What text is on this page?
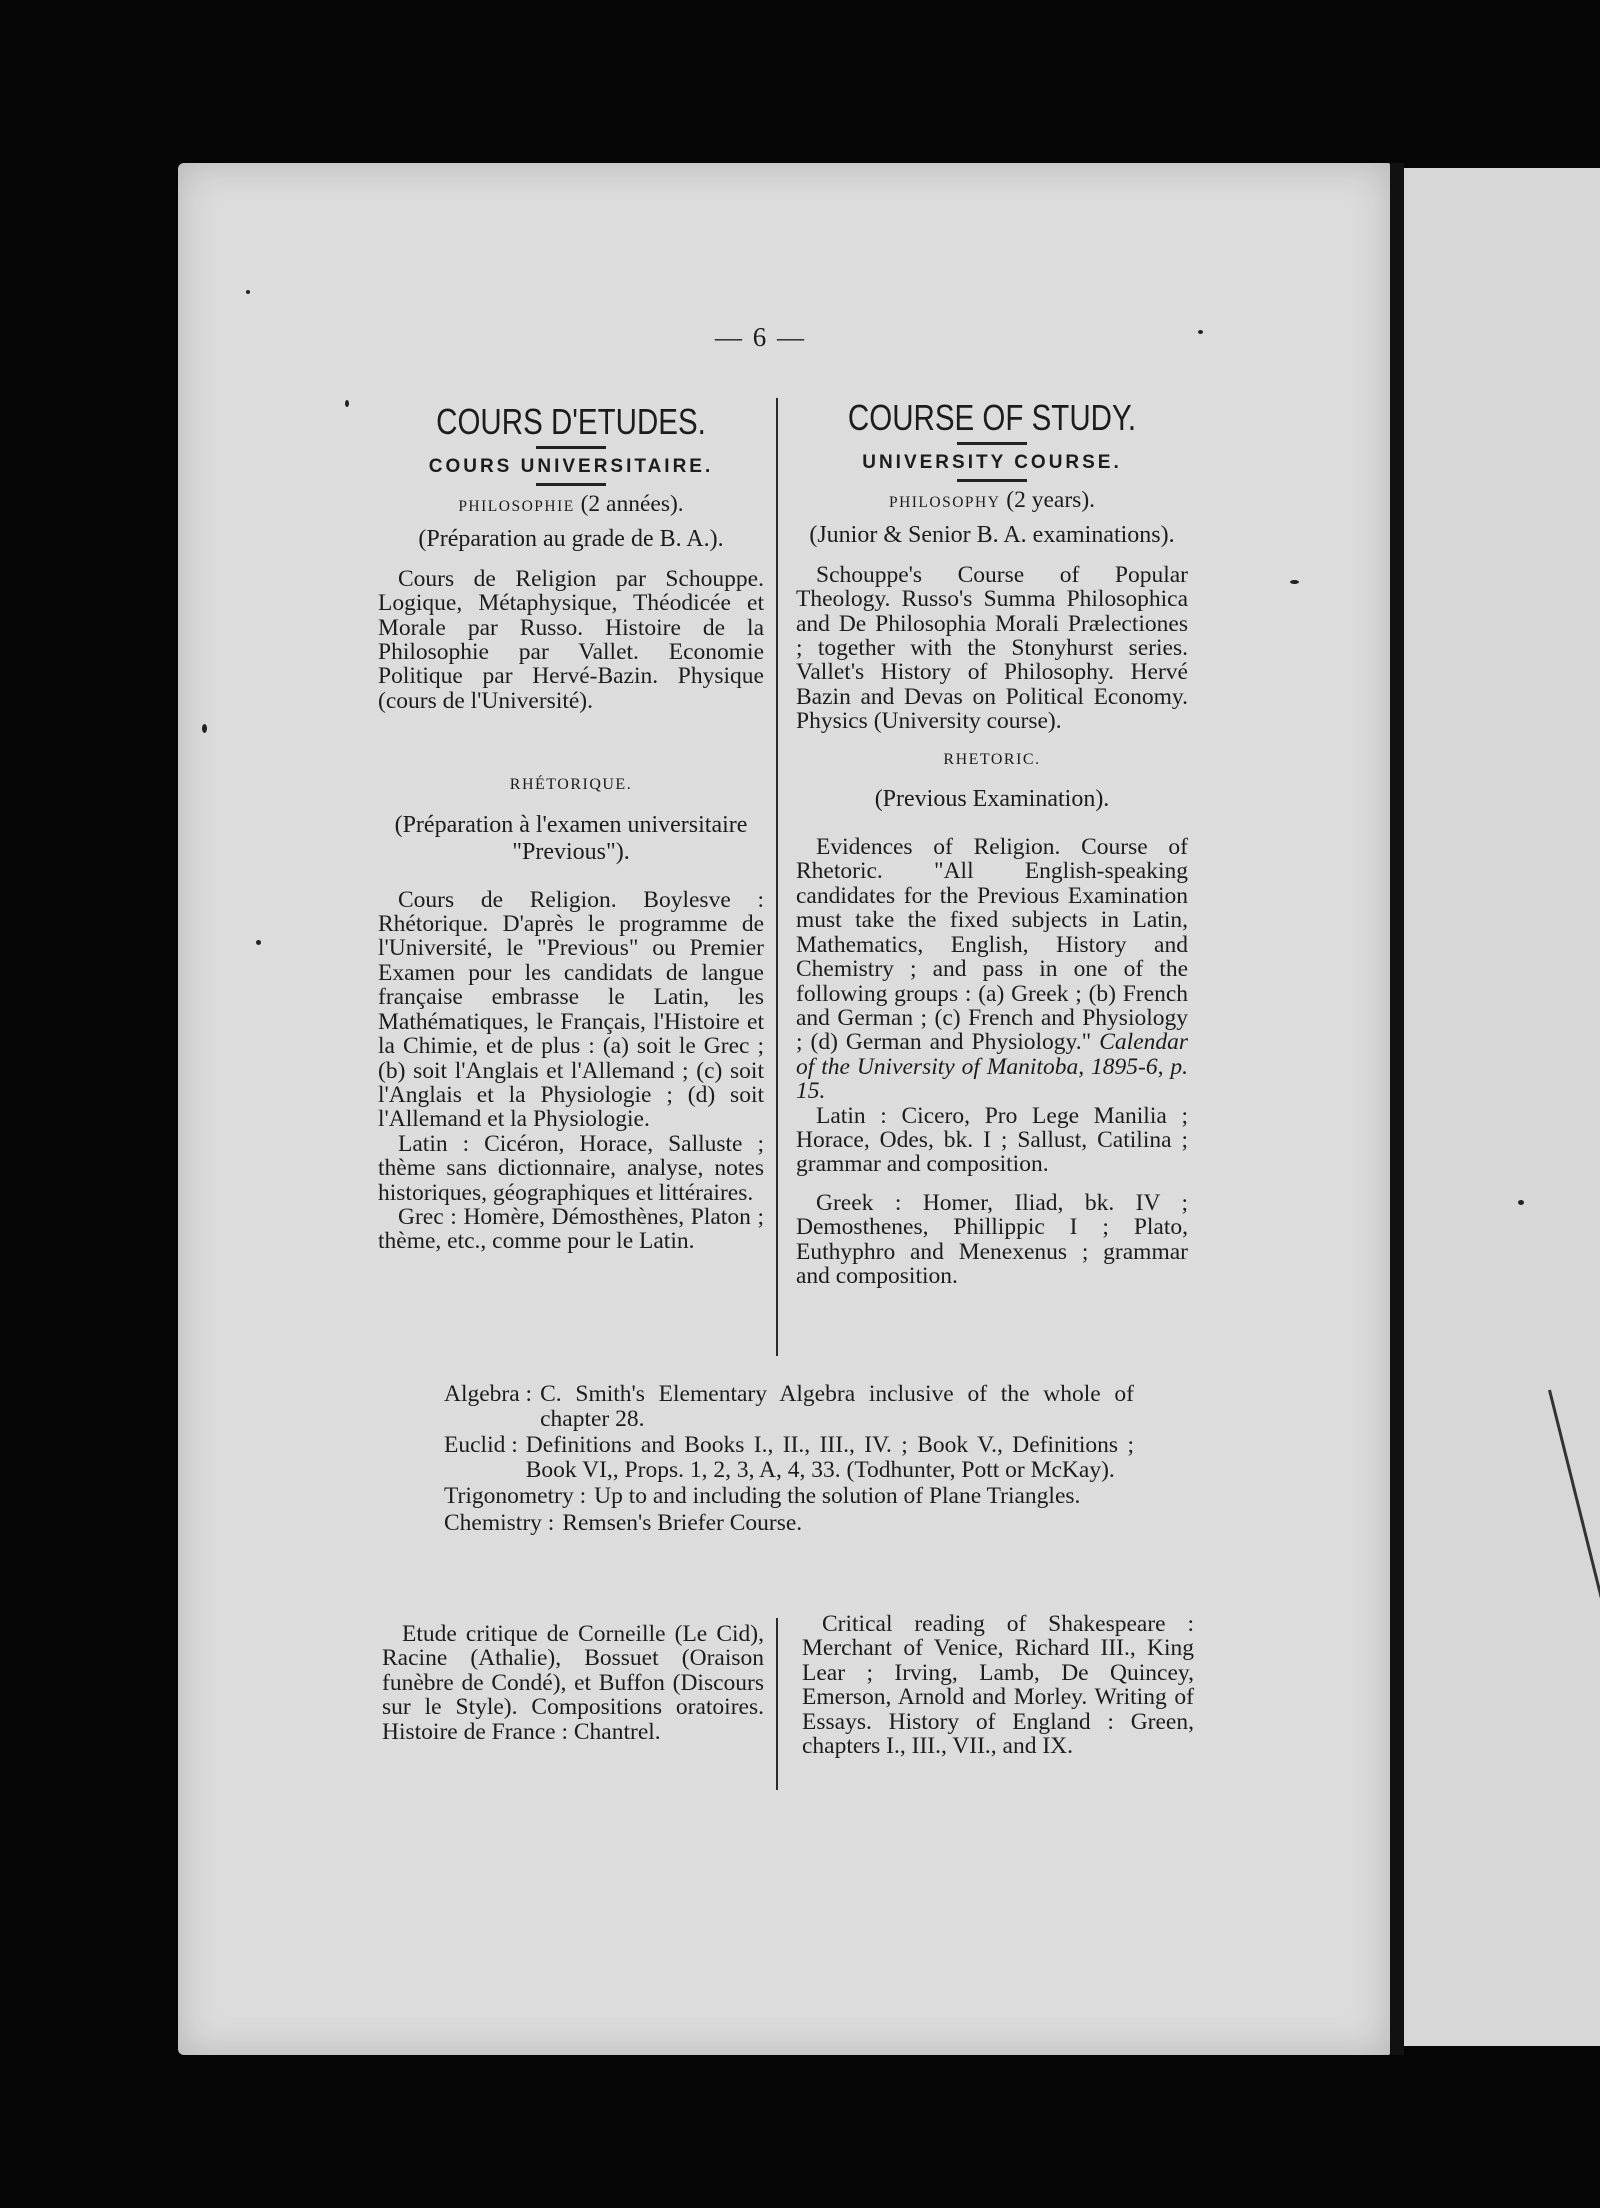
— 6 —
COURS D'ETUDES.
COURS UNIVERSITAIRE.
PHILOSOPHIE (2 années).
(Préparation au grade de B. A.).

Cours de Religion par Schouppe. Logique, Métaphysique, Théodicée et Morale par Russo. Histoire de la Philosophie par Vallet. Economie Politique par Hervé-Bazin. Physique (cours de l'Université).

RHÉTORIQUE.
(Préparation à l'examen universitaire "Previous").

Cours de Religion. Boylesve : Rhétorique. D'après le programme de l'Université, le "Previous" ou Premier Examen pour les candidats de langue française embrasse le Latin, les Mathématiques, le Français, l'Histoire et la Chimie, et de plus : (a) soit le Grec ; (b) soit l'Anglais et l'Allemand ; (c) soit l'Anglais et la Physiologie ; (d) soit l'Allemand et la Physiologie.

Latin : Cicéron, Horace, Salluste ; thème sans dictionnaire, analyse, notes historiques, géographiques et littéraires.

Grec : Homère, Démosthènes, Platon ; thème, etc., comme pour le Latin.

COURSE OF STUDY.
UNIVERSITY COURSE.
PHILOSOPHY (2 years).
(Junior & Senior B. A. examinations).

Schouppe's Course of Popular Theology. Russo's Summa Philosophica and De Philosophia Morali Prælectiones ; together with the Stonyhurst series. Vallet's History of Philosophy. Hervé Bazin and Devas on Political Economy. Physics (University course).

RHETORIC.
(Previous Examination).

Evidences of Religion. Course of Rhetoric. "All English-speaking candidates for the Previous Examination must take the fixed subjects in Latin, Mathematics, English, History and Chemistry ; and pass in one of the following groups : (a) Greek ; (b) French and German ; (c) French and Physiology ; (d) German and Physiology." Calendar of the University of Manitoba, 1895-6, p. 15.

Latin : Cicero, Pro Lege Manilia ; Horace, Odes, bk. I ; Sallust, Catilina ; grammar and composition.

Greek : Homer, Iliad, bk. IV ; Demosthenes, Phillippic I ; Plato, Euthyphro and Menexenus ; grammar and composition.

Algebra : C. Smith's Elementary Algebra inclusive of the whole of chapter 28.
Euclid : Definitions and Books I., II., III., IV. ; Book V., Definitions ; Book VI,, Props. 1, 2, 3, A, 4, 33. (Todhunter, Pott or McKay).
Trigonometry : Up to and including the solution of Plane Triangles.
Chemistry : Remsen's Briefer Course.

Etude critique de Corneille (Le Cid), Racine (Athalie), Bossuet (Oraison funèbre de Condé), et Buffon (Discours sur le Style). Compositions oratoires. Histoire de France : Chantrel.

Critical reading of Shakespeare : Merchant of Venice, Richard III., King Lear ; Irving, Lamb, De Quincey, Emerson, Arnold and Morley. Writing of Essays. History of England : Green, chapters I., III., VII., and IX.
